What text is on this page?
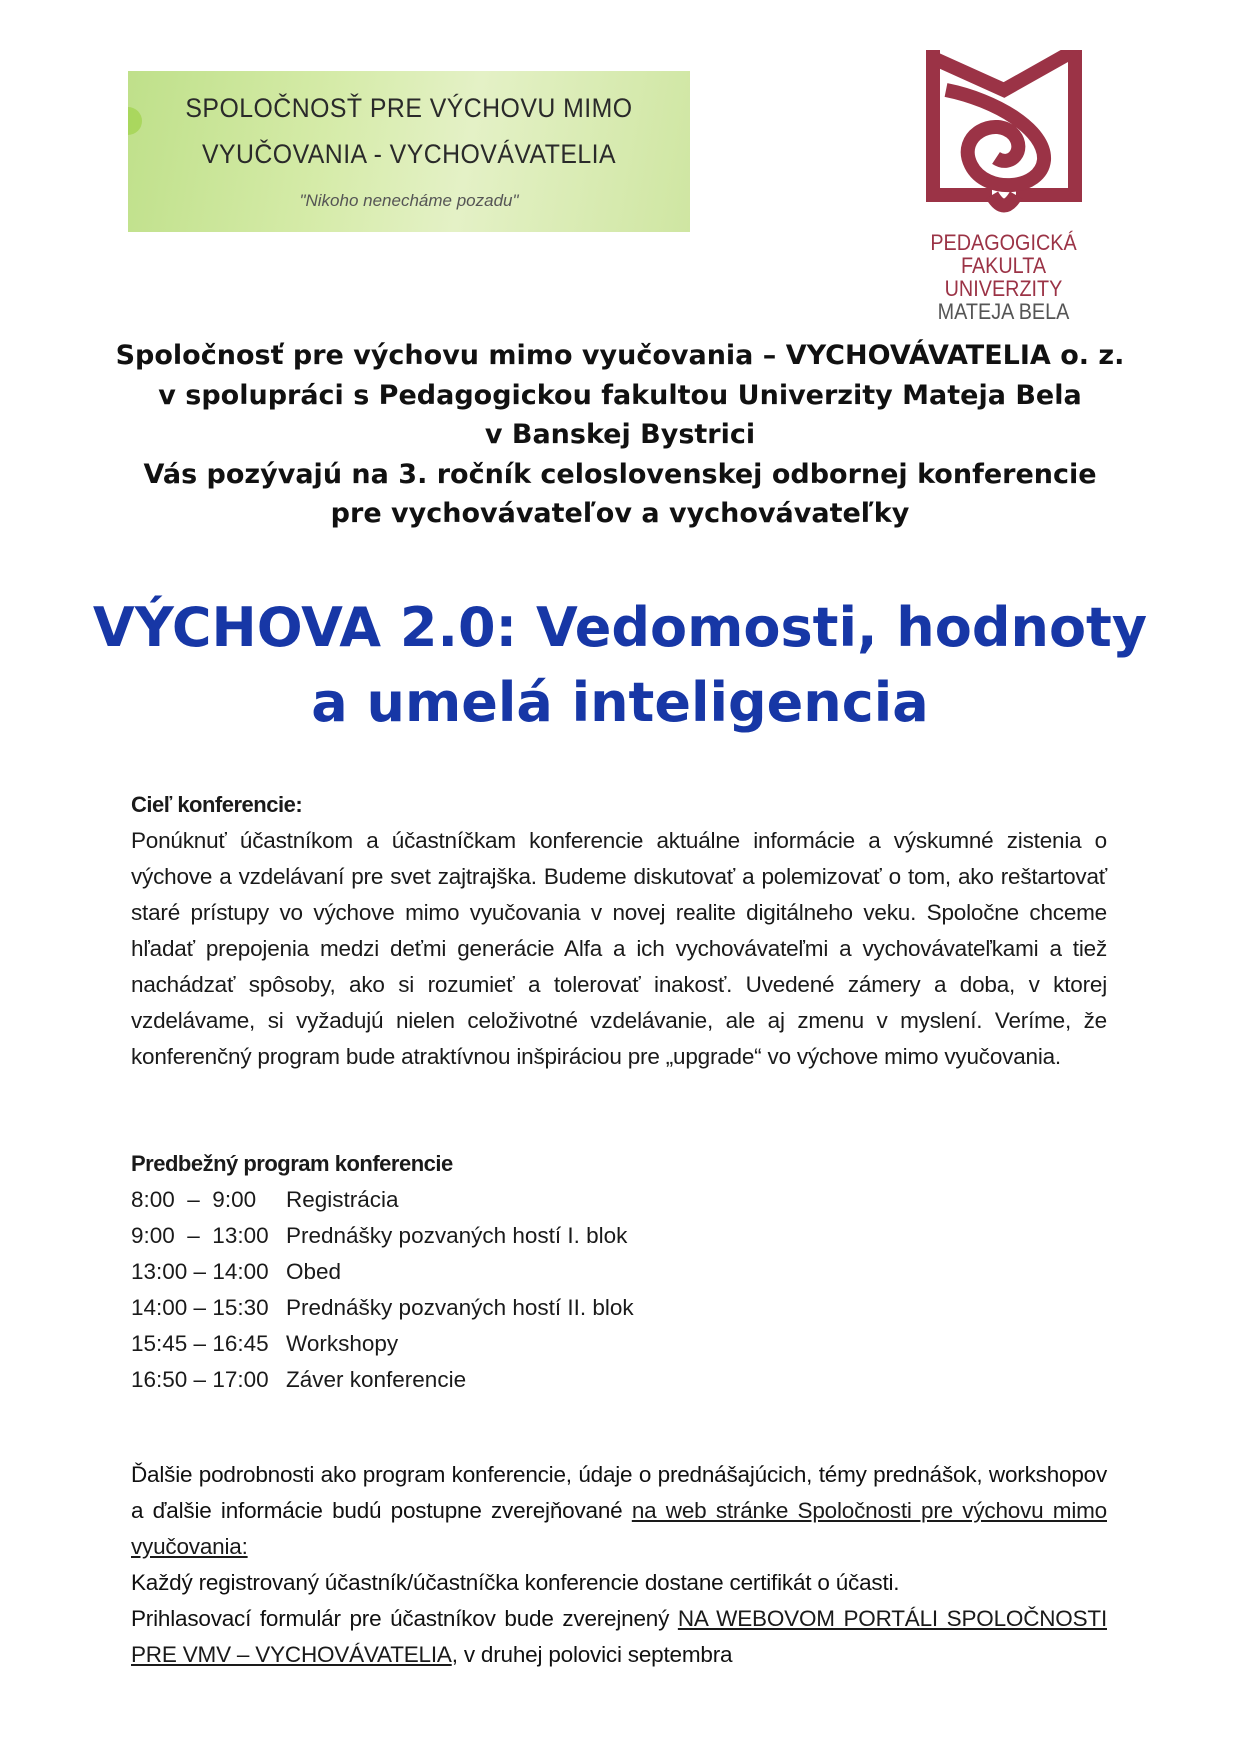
SPOLOČNOSŤ PRE VÝCHOVU MIMO
VYUČOVANIA - VYCHOVÁVATELIA
"Nikoho nenecháme pozadu"
PEDAGOGICKÁ
FAKULTA UNIVERZITY
MATEJA BELA
Spoločnosť pre výchovu mimo vyučovania – VYCHOVÁVATELIA o. z.
v spolupráci s Pedagogickou fakultou Univerzity Mateja Bela
v Banskej Bystrici
Vás pozývajú na 3. ročník celoslovenskej odbornej konferencie
pre vychovávateľov a vychovávateľky
VÝCHOVA 2.0: Vedomosti, hodnoty
a umelá inteligencia
Cieľ konferencie:

Ponúknuť účastníkom a účastníčkam konferencie aktuálne informácie a výskumné zistenia o výchove a vzdelávaní pre svet zajtrajška. Budeme diskutovať a polemizovať o tom, ako reštartovať staré prístupy vo výchove mimo vyučovania v novej realite digitálneho veku. Spoločne chceme hľadať prepojenia medzi deťmi generácie Alfa a ich vychovávateľmi a vychovávateľkami a tiež nachádzať spôsoby, ako si rozumieť a tolerovať inakosť. Uvedené zámery a doba, v ktorej vzdelávame, si vyžadujú nielen celoživotné vzdelávanie, ale aj zmenu v myslení. Veríme, že konferenčný program bude atraktívnou inšpiráciou pre „upgrade“ vo výchove mimo vyučovania.

Predbežný program konferencie
8:00  –  9:00	Registrácia
9:00  –  13:00 Prednášky pozvaných hostí I. blok
13:00 – 14:00 Obed
14:00 – 15:30 Prednášky pozvaných hostí II. blok
15:45 – 16:45 Workshopy
16:50 – 17:00 Záver konferencie

Ďalšie podrobnosti ako program konferencie, údaje o prednášajúcich, témy prednášok, workshopov a ďalšie informácie budú postupne zverejňované na web stránke Spoločnosti pre výchovu mimo vyučovania:

Každý registrovaný účastník/účastníčka konferencie dostane certifikát o účasti.

Prihlasovací formulár pre účastníkov bude zverejnený NA WEBOVOM PORTÁLI SPOLOČNOSTI PRE VMV – VYCHOVÁVATELIA, v druhej polovici septembra
